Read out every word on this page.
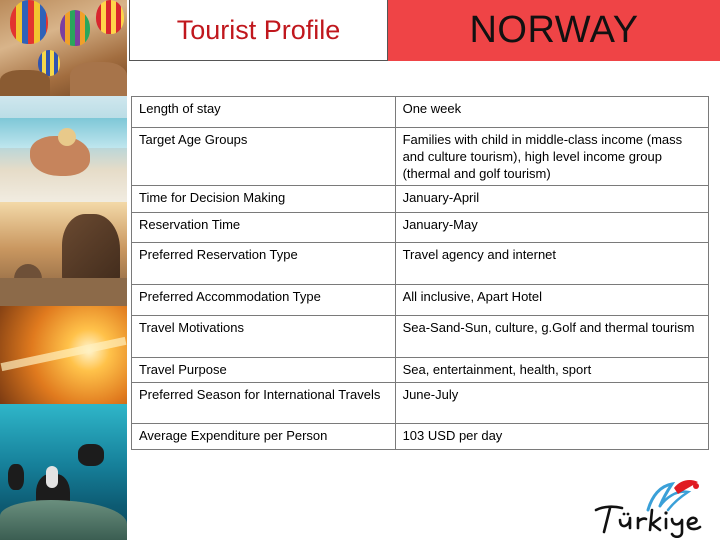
Tourist Profile	NORWAY
Length of stay	One week
Target Age Groups	Families with child in middle-class income (mass and culture tourism), high level income group (thermal and golf tourism)
Time for Decision Making	January-April
Reservation Time	January-May
Preferred Reservation Type	Travel agency and internet
Preferred Accommodation Type	All inclusive, Apart Hotel
Travel Motivations	Sea-Sand-Sun, culture, g.Golf and thermal tourism
Travel Purpose	Sea, entertainment, health, sport
Preferred Season for International Travels	June-July
Average Expenditure per Person	103 USD per day
